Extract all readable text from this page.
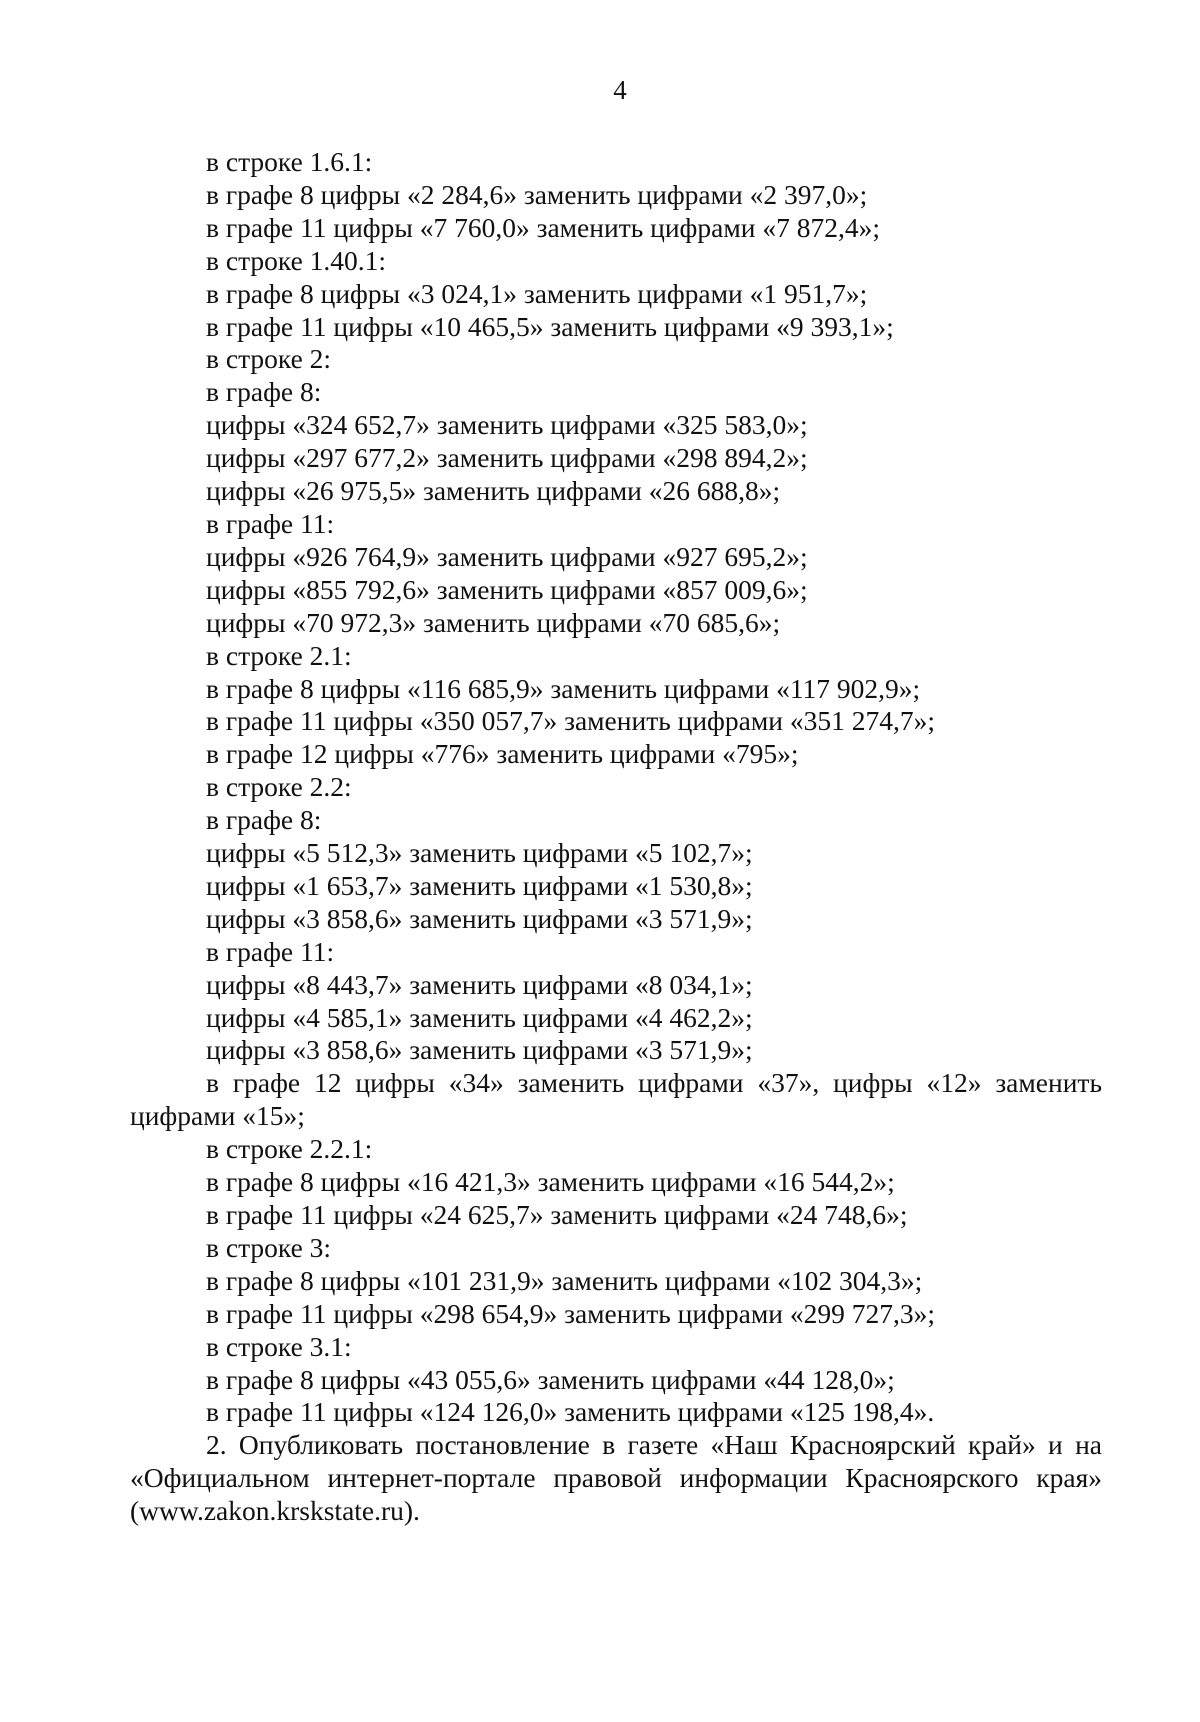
4
в строке 1.6.1:
в графе 8 цифры «2 284,6» заменить цифрами «2 397,0»;
в графе 11 цифры «7 760,0» заменить цифрами «7 872,4»;
в строке 1.40.1:
в графе 8 цифры «3 024,1» заменить цифрами «1 951,7»;
в графе 11 цифры «10 465,5» заменить цифрами «9 393,1»;
в строке 2:
в графе 8:
цифры «324 652,7» заменить цифрами «325 583,0»;
цифры «297 677,2» заменить цифрами «298 894,2»;
цифры «26 975,5» заменить цифрами «26 688,8»;
в графе 11:
цифры «926 764,9» заменить цифрами «927 695,2»;
цифры «855 792,6» заменить цифрами «857 009,6»;
цифры «70 972,3» заменить цифрами «70 685,6»;
в строке 2.1:
в графе 8 цифры «116 685,9» заменить цифрами «117 902,9»;
в графе 11 цифры «350 057,7» заменить цифрами «351 274,7»;
в графе 12 цифры «776» заменить цифрами «795»;
в строке 2.2:
в графе 8:
цифры «5 512,3» заменить цифрами «5 102,7»;
цифры «1 653,7» заменить цифрами «1 530,8»;
цифры «3 858,6» заменить цифрами «3 571,9»;
в графе 11:
цифры «8 443,7» заменить цифрами «8 034,1»;
цифры «4 585,1» заменить цифрами «4 462,2»;
цифры «3 858,6» заменить цифрами «3 571,9»;
в графе 12 цифры «34» заменить цифрами «37», цифры «12» заменить цифрами «15»;
в строке 2.2.1:
в графе 8 цифры «16 421,3» заменить цифрами «16 544,2»;
в графе 11 цифры «24 625,7» заменить цифрами «24 748,6»;
в строке 3:
в графе 8 цифры «101 231,9» заменить цифрами «102 304,3»;
в графе 11 цифры «298 654,9» заменить цифрами «299 727,3»;
в строке 3.1:
в графе 8 цифры «43 055,6» заменить цифрами «44 128,0»;
в графе 11 цифры «124 126,0» заменить цифрами «125 198,4».
2. Опубликовать постановление в газете «Наш Красноярский край» и на «Официальном интернет-портале правовой информации Красноярского края» (www.zakon.krskstate.ru).
